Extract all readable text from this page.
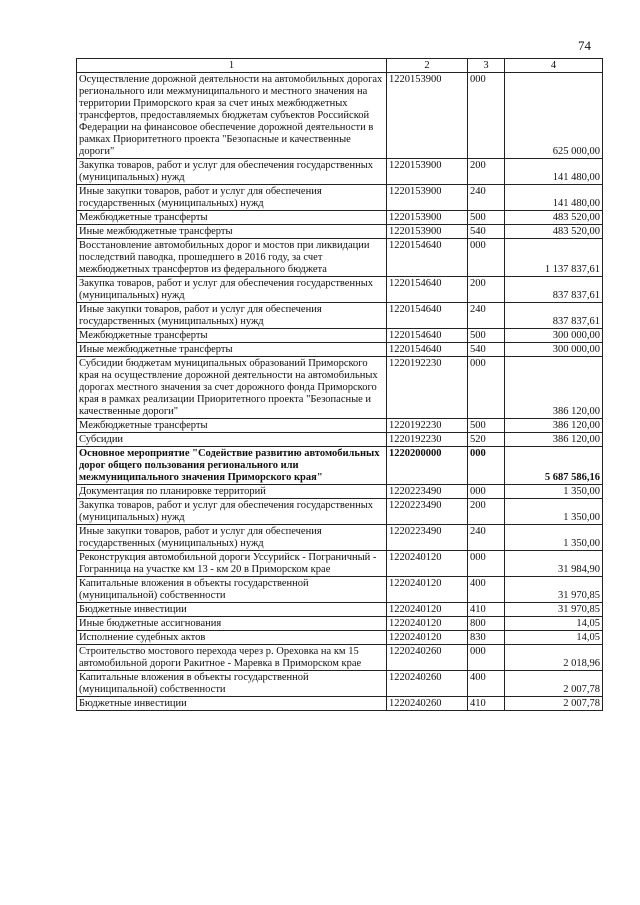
74
1	2	3	4
Осуществление дорожной деятельности на автомобильных дорогах регионального или межмуниципального и местного значения на территории Приморского края за счет иных межбюджетных трансфертов, предоставляемых бюджетам субъектов Российской Федерации на финансовое обеспечение дорожной деятельности в рамках Приоритетного проекта "Безопасные и качественные дороги"	1220153900	000	625 000,00
Закупка товаров, работ и услуг для обеспечения государственных (муниципальных) нужд	1220153900	200	141 480,00
Иные закупки товаров, работ и услуг для обеспечения государственных (муниципальных) нужд	1220153900	240	141 480,00
Межбюджетные трансферты	1220153900	500	483 520,00
Иные межбюджетные трансферты	1220153900	540	483 520,00
Восстановление автомобильных дорог и мостов при ликвидации последствий паводка, прошедшего в 2016 году, за счет межбюджетных трансфертов из федерального бюджета	1220154640	000	1 137 837,61
Закупка товаров, работ и услуг для обеспечения государственных (муниципальных) нужд	1220154640	200	837 837,61
Иные закупки товаров, работ и услуг для обеспечения государственных (муниципальных) нужд	1220154640	240	837 837,61
Межбюджетные трансферты	1220154640	500	300 000,00
Иные межбюджетные трансферты	1220154640	540	300 000,00
Субсидии бюджетам муниципальных образований Приморского края на осуществление дорожной деятельности на автомобильных дорогах местного значения за счет дорожного фонда Приморского края в рамках реализации Приоритетного проекта "Безопасные и качественные дороги"	1220192230	000	386 120,00
Межбюджетные трансферты	1220192230	500	386 120,00
Субсидии	1220192230	520	386 120,00
Основное мероприятие "Содействие развитию автомобильных дорог общего пользования регионального или межмуниципального значения Приморского края"	1220200000	000	5 687 586,16
Документация по планировке территорий	1220223490	000	1 350,00
Закупка товаров, работ и услуг для обеспечения государственных (муниципальных) нужд	1220223490	200	1 350,00
Иные закупки товаров, работ и услуг для обеспечения государственных (муниципальных) нужд	1220223490	240	1 350,00
Реконструкция автомобильной дороги Уссурийск - Пограничный - Гогранница на участке км 13 - км 20 в Приморском крае	1220240120	000	31 984,90
Капитальные вложения в объекты государственной (муниципальной) собственности	1220240120	400	31 970,85
Бюджетные инвестиции	1220240120	410	31 970,85
Иные бюджетные ассигнования	1220240120	800	14,05
Исполнение судебных актов	1220240120	830	14,05
Строительство мостового перехода через р. Ореховка на км 15 автомобильной дороги Ракитное - Маревка в Приморском крае	1220240260	000	2 018,96
Капитальные вложения в объекты государственной (муниципальной) собственности	1220240260	400	2 007,78
Бюджетные инвестиции	1220240260	410	2 007,78
